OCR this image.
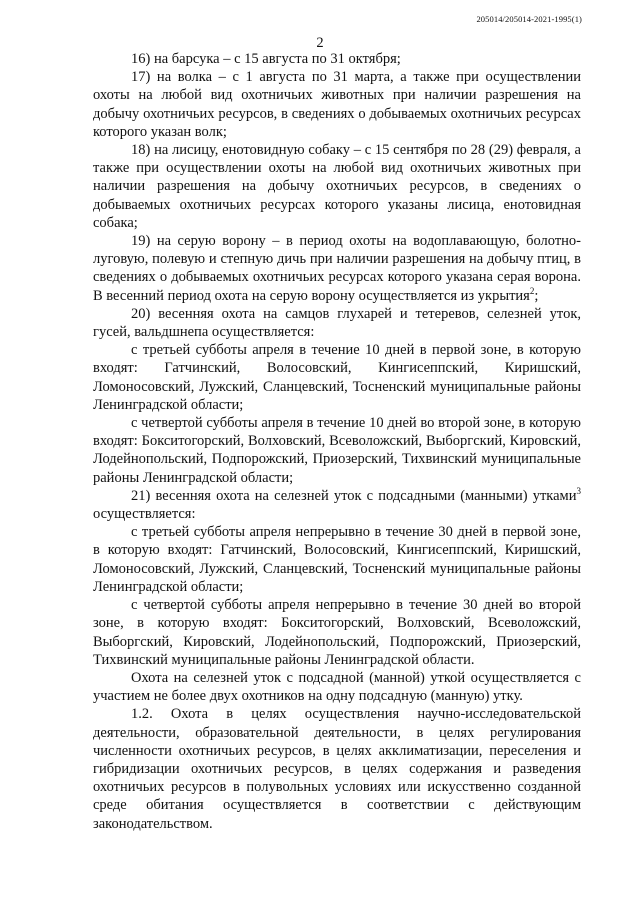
205014/205014-2021-1995(1)
2

16) на барсука – с 15 августа по 31 октября;

17) на волка – с 1 августа по 31 марта, а также при осуществлении охоты на любой вид охотничьих животных при наличии разрешения на добычу охотничьих ресурсов, в сведениях о добываемых охотничьих ресурсах которого указан волк;

18) на лисицу, енотовидную собаку – с 15 сентября по 28 (29) февраля, а также при осуществлении охоты на любой вид охотничьих животных при наличии разрешения на добычу охотничьих ресурсов, в сведениях о добываемых охотничьих ресурсах которого указаны лисица, енотовидная собака;

19) на серую ворону – в период охоты на водоплавающую, болотно-луговую, полевую и степную дичь при наличии разрешения на добычу птиц, в сведениях о добываемых охотничьих ресурсах которого указана серая ворона. В весенний период охота на серую ворону осуществляется из укрытия$^2$;

20) весенняя охота на самцов глухарей и тетеревов, селезней уток, гусей, вальдшнепа осуществляется:

с третьей субботы апреля в течение 10 дней в первой зоне, в которую входят: Гатчинский, Волосовский, Кингисеппский, Киришский, Ломоносовский, Лужский, Сланцевский, Тосненский муниципальные районы Ленинградской области;

с четвертой субботы апреля в течение 10 дней во второй зоне, в которую входят: Бокситогорский, Волховский, Всеволожский, Выборгский, Кировский, Лодейнопольский, Подпорожский, Приозерский, Тихвинский муниципальные районы Ленинградской области;

21) весенняя охота на селезней уток с подсадными (манными) утками$^3$ осуществляется:

с третьей субботы апреля непрерывно в течение 30 дней в первой зоне, в которую входят: Гатчинский, Волосовский, Кингисеппский, Киришский, Ломоносовский, Лужский, Сланцевский, Тосненский муниципальные районы Ленинградской области;

с четвертой субботы апреля непрерывно в течение 30 дней во второй зоне, в которую входят: Бокситогорский, Волховский, Всеволожский, Выборгский, Кировский, Лодейнопольский, Подпорожский, Приозерский, Тихвинский муниципальные районы Ленинградской области.

Охота на селезней уток с подсадной (манной) уткой осуществляется с участием не более двух охотников на одну подсадную (манную) утку.

1.2. Охота в целях осуществления научно-исследовательской деятельности, образовательной деятельности, в целях регулирования численности охотничьих ресурсов, в целях акклиматизации, переселения и гибридизации охотничьих ресурсов, в целях содержания и разведения охотничьих ресурсов в полувольных условиях или искусственно созданной среде обитания осуществляется в соответствии с действующим законодательством.
